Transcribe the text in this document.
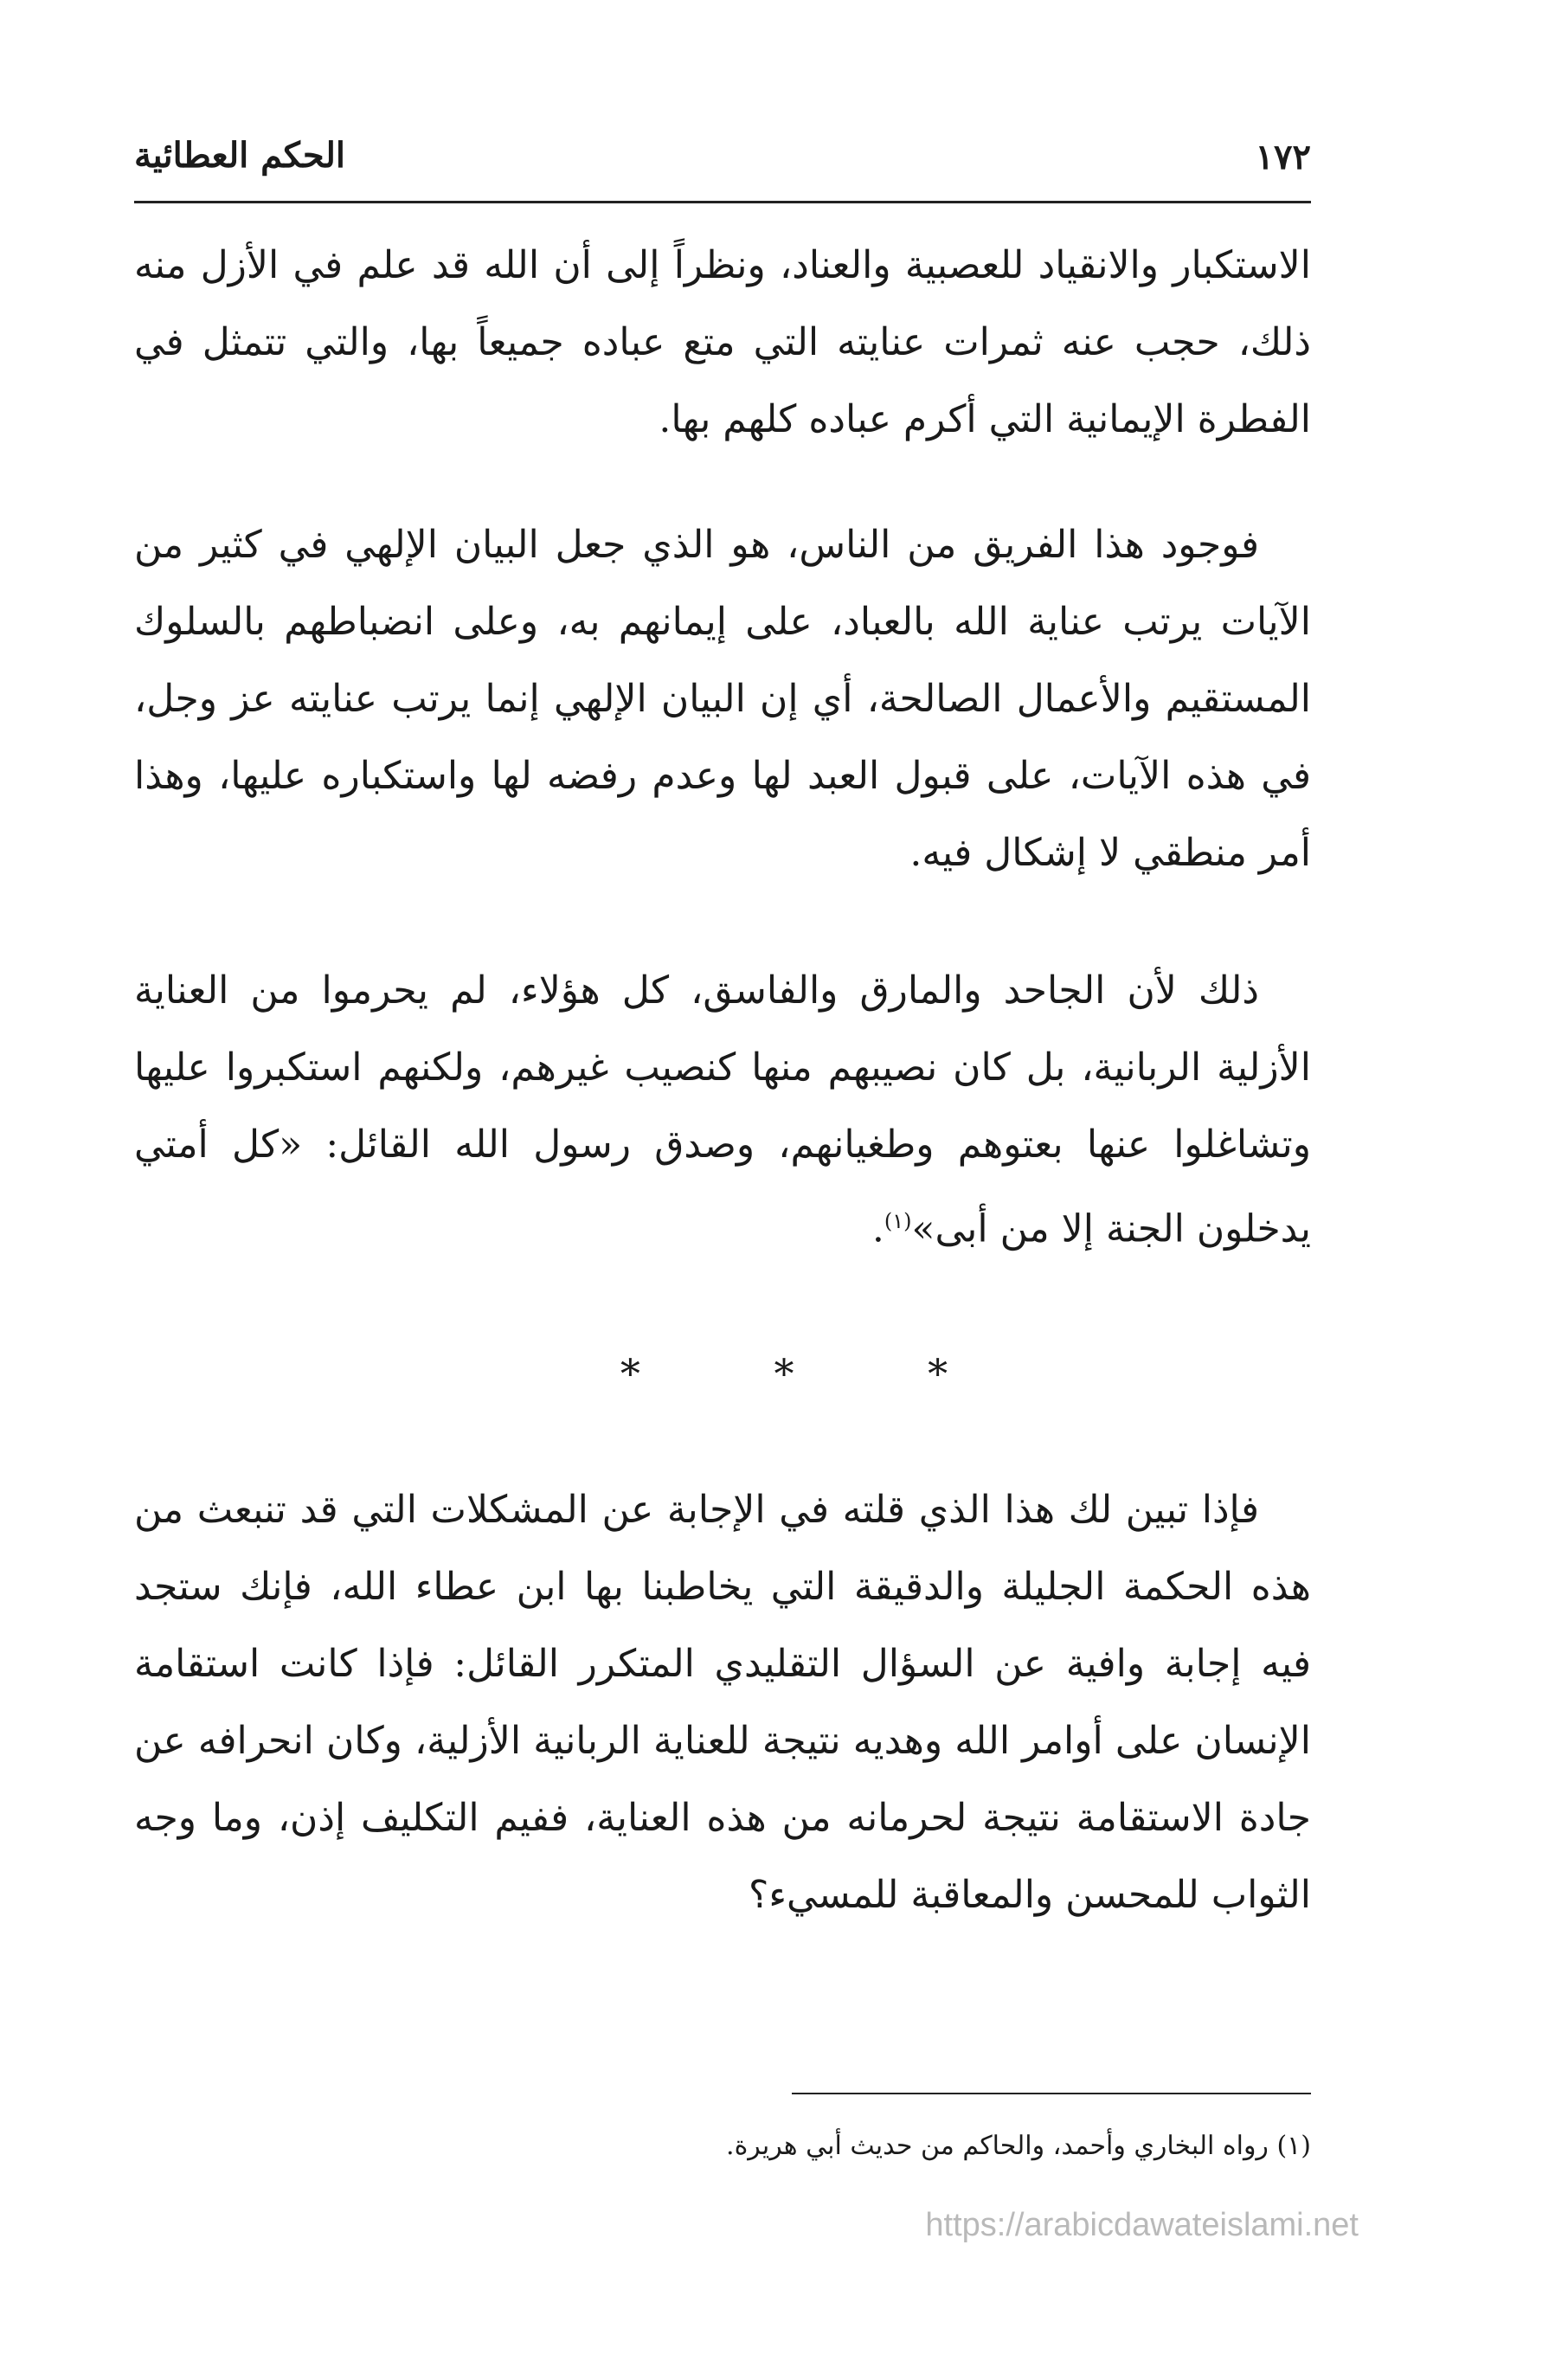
١٧٢
الحكم العطائية

الاستكبار والانقياد للعصبية والعناد، ونظراً إلى أن الله قد علم في الأزل منه ذلك، حجب عنه ثمرات عنايته التي متع عباده جميعاً بها، والتي تتمثل في الفطرة الإيمانية التي أكرم عباده كلهم بها.

فوجود هذا الفريق من الناس، هو الذي جعل البيان الإلهي في كثير من الآيات يرتب عناية الله بالعباد، على إيمانهم به، وعلى انضباطهم بالسلوك المستقيم والأعمال الصالحة، أي إن البيان الإلهي إنما يرتب عنايته عز وجل، في هذه الآيات، على قبول العبد لها وعدم رفضه لها واستكباره عليها، وهذا أمر منطقي لا إشكال فيه.

ذلك لأن الجاحد والمارق والفاسق، كل هؤلاء، لم يحرموا من العناية الأزلية الربانية، بل كان نصيبهم منها كنصيب غيرهم، ولكنهم استكبروا عليها وتشاغلوا عنها بعتوهم وطغيانهم، وصدق رسول الله القائل: «كل أمتي يدخلون الجنة إلا من أبى»$^{(١)}$.

*	*	*

فإذا تبين لك هذا الذي قلته في الإجابة عن المشكلات التي قد تنبعث من هذه الحكمة الجليلة والدقيقة التي يخاطبنا بها ابن عطاء الله، فإنك ستجد فيه إجابة وافية عن السؤال التقليدي المتكرر القائل: فإذا كانت استقامة الإنسان على أوامر الله وهديه نتيجة للعناية الربانية الأزلية، وكان انحرافه عن جادة الاستقامة نتيجة لحرمانه من هذه العناية، ففيم التكليف إذن، وما وجه الثواب للمحسن والمعاقبة للمسيء؟

(١) رواه البخاري وأحمد، والحاكم من حديث أبي هريرة.
https://arabicdawateislami.net
